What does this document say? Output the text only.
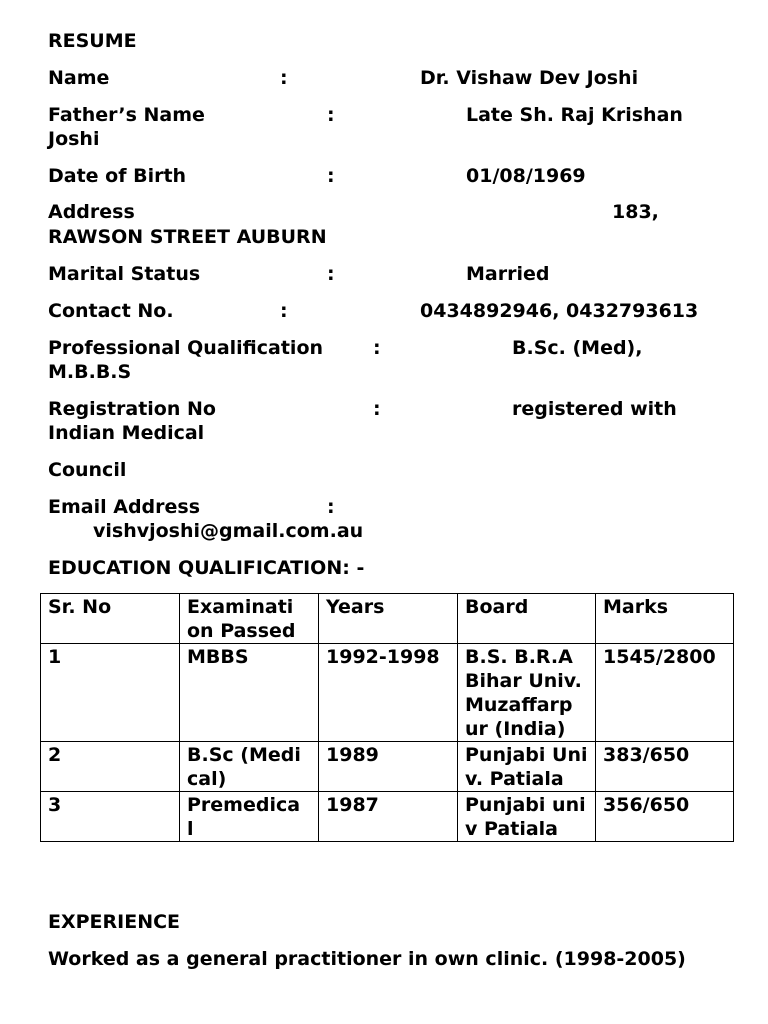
RESUME
Name	:	Dr. Vishaw Dev Joshi
Father’s Name	:	Late Sh. Raj Krishan
Joshi
Date of Birth	:	01/08/1969
Address	183,
RAWSON STREET AUBURN
Marital Status	:	Married
Contact No.	:	0434892946, 0432793613
Professional Qualification	:	B.Sc. (Med),
M.B.B.S
Registration No	:	registered with
Indian Medical
Council
Email Address	:
vishvjoshi@gmail.com.au
EDUCATION QUALIFICATION: -
Sr. No	Examinati on Passed	Years	Board	Marks
1	MBBS	1992-1998	B.S. B.R.A Bihar Univ. Muzaffarp ur (India)	1545/2800
2	B.Sc (Medical)	1989	Punjabi Univ. Patiala	383/650
3	Premedica l	1987	Punjabi univ Patiala	356/650
EXPERIENCE
Worked as a general practitioner in own clinic. (1998-2005)
